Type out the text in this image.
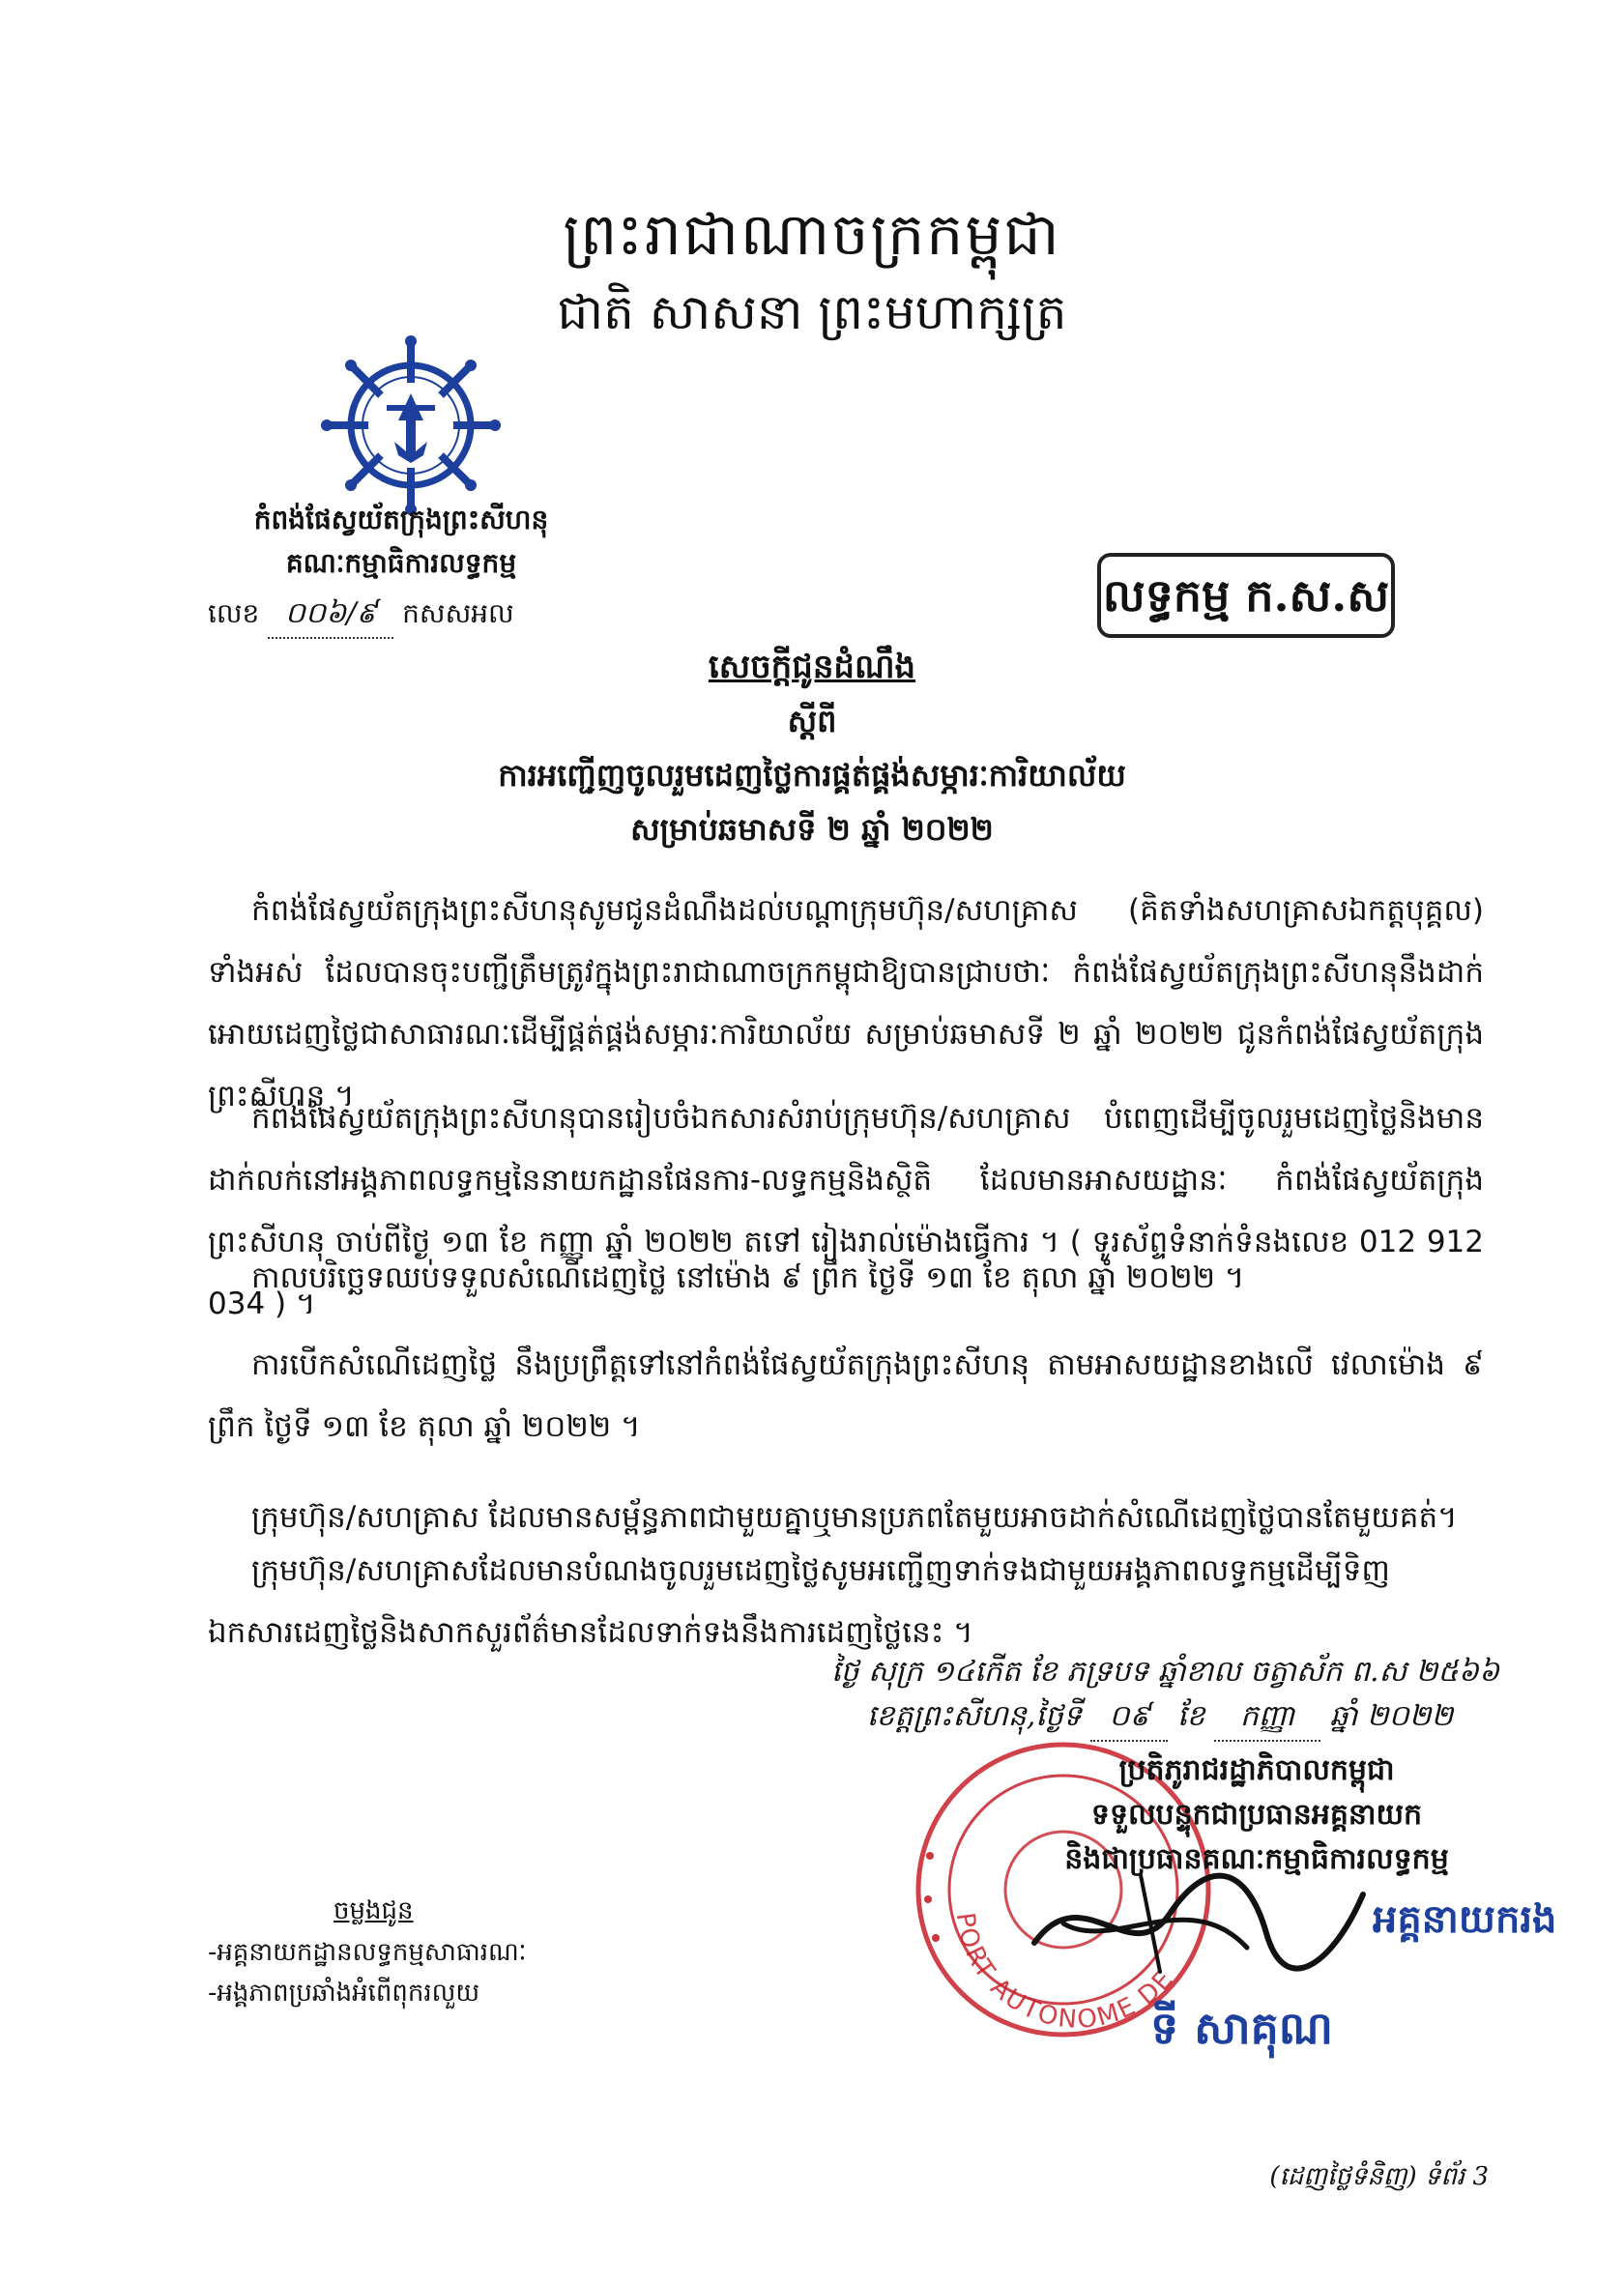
ព្រះរាជាណាចក្រកម្ពុជា
ជាតិ សាសនា ព្រះមហាក្សត្រ
កំពង់ផែស្វយ័តក្រុងព្រះសីហនុ
គណៈកម្មាធិការលទ្ធកម្ម
លេខ ០០៦/៩ កសសអល	លទ្ធកម្ម ក.ស.ស
សេចក្តីជូនដំណឹង
ស្តីពី
ការអញ្ជើញចូលរួមដេញថ្លៃការផ្គត់ផ្គង់សម្ភារៈការិយាល័យ
សម្រាប់ឆមាសទី ២ ឆ្នាំ ២០២២
កំពង់ផែស្វយ័តក្រុងព្រះសីហនុសូមជូនដំណឹងដល់បណ្តាក្រុមហ៊ុន/សហគ្រាស (គិតទាំងសហគ្រាសឯកត្តបុគ្គល) ទាំងអស់ ដែលបានចុះបញ្ជីត្រឹមត្រូវក្នុងព្រះរាជាណាចក្រកម្ពុជាឱ្យបានជ្រាបថាៈ កំពង់ផែស្វយ័តក្រុងព្រះសីហនុនឹងដាក់អោយដេញថ្លៃជាសាធារណៈដើម្បីផ្គត់ផ្គង់សម្ភារៈការិយាល័យ សម្រាប់ឆមាសទី ២ ឆ្នាំ ២០២២ ជូនកំពង់ផែស្វយ័តក្រុងព្រះសីហនុ ។
កំពង់ផែស្វយ័តក្រុងព្រះសីហនុបានរៀបចំឯកសារសំរាប់ក្រុមហ៊ុន/សហគ្រាស បំពេញដើម្បីចូលរួមដេញថ្លៃនិងមានដាក់លក់នៅអង្គភាពលទ្ធកម្មនៃនាយកដ្ឋានផែនការ-លទ្ធកម្មនិងស្ថិតិ ដែលមានអាសយដ្ឋានៈ កំពង់ផែស្វយ័តក្រុងព្រះសីហនុ ចាប់ពីថ្ងៃ ១៣ ខែ កញ្ញា ឆ្នាំ ២០២២ តទៅ រៀងរាល់ម៉ោងធ្វើការ ។ ( ទូរស័ព្ទទំនាក់ទំនងលេខ 012 912 034 ) ។
កាលបរិច្ឆេទឈប់ទទួលសំណើដេញថ្លៃ នៅម៉ោង ៩ ព្រឹក ថ្ងៃទី ១៣ ខែ តុលា ឆ្នាំ ២០២២ ។
ការបើកសំណើដេញថ្លៃ នឹងប្រព្រឹត្តទៅនៅកំពង់ផែស្វយ័តក្រុងព្រះសីហនុ តាមអាសយដ្ឋានខាងលើ វេលាម៉ោង ៩ ព្រឹក ថ្ងៃទី ១៣ ខែ តុលា ឆ្នាំ ២០២២ ។
ក្រុមហ៊ុន/សហគ្រាស ដែលមានសម្ព័ន្ធភាពជាមួយគ្នាឬមានប្រភពតែមួយអាចដាក់សំណើដេញថ្លៃបានតែមួយគត់។
ក្រុមហ៊ុន/សហគ្រាសដែលមានបំណងចូលរួមដេញថ្លៃសូមអញ្ជើញទាក់ទងជាមួយអង្គភាពលទ្ធកម្មដើម្បីទិញឯកសារដេញថ្លៃនិងសាកសួរព័ត៌មានដែលទាក់ទងនឹងការដេញថ្លៃនេះ ។
ថ្ងៃ សុក្រ ១៤កើត ខែ ភទ្របទ ឆ្នាំខាល ចត្វាស័ក ព.ស ២៥៦៦
ខេត្តព្រះសីហនុ,ថ្ងៃទី ០៩ ខែ កញ្ញា ឆ្នាំ ២០២២
PORT AUTONOME DE
ប្រតិភូរាជរដ្ឋាភិបាលកម្ពុជា
ទទួលបន្ទុកជាប្រធានអគ្គនាយក
និងជាប្រធានគណៈកម្មាធិការលទ្ធកម្ម
អគ្គនាយករង
ទី សាគុណ
ចម្លងជូន
-អគ្គនាយកដ្ឋានលទ្ធកម្មសាធារណៈ
-អង្គភាពប្រឆាំងអំពើពុករលួយ
(ដេញថ្លៃទំនិញ) ទំព័រ 3
